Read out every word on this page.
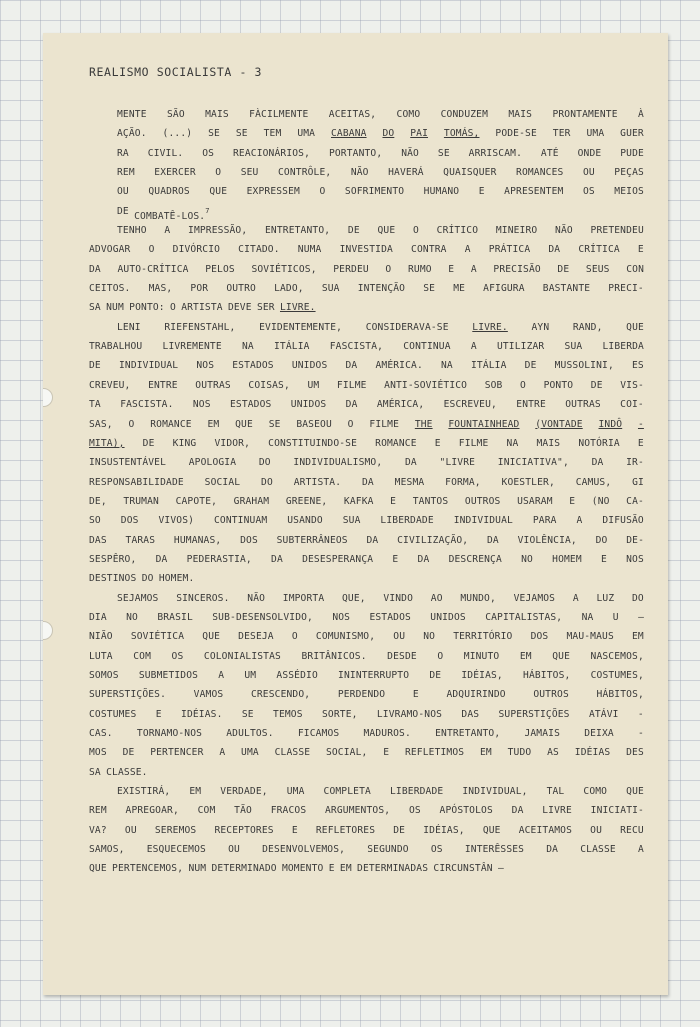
REALISMO SOCIALISTA - 3
MENTE SÃO MAIS FÀCILMENTE ACEITAS, COMO CONDUZEM MAIS PRONTAMENTE À
AÇÃO. (...) SE SE TEM UMA CABANA DO PAI TOMÁS, PODE-SE TER UMA GUER
RA CIVIL. OS REACIONÁRIOS, PORTANTO, NÃO SE ARRISCAM. ATÉ ONDE PUDE
REM EXERCER O SEU CONTRÔLE, NÃO HAVERÁ QUAISQUER ROMANCES OU PEÇAS
OU QUADROS QUE EXPRESSEM O SOFRIMENTO HUMANO E APRESENTEM OS MEIOS
DE COMBATÊ-LOS.$^7$
TENHO A IMPRESSÃO, ENTRETANTO, DE QUE O CRÍTICO MINEIRO NÃO PRETENDEU
ADVOGAR O DIVÓRCIO CITADO. NUMA INVESTIDA CONTRA A PRÁTICA DA CRÍTICA E
DA AUTO-CRÍTICA PELOS SOVIÉTICOS, PERDEU O RUMO E A PRECISÃO DE SEUS CON
CEITOS. MAS, POR OUTRO LADO, SUA INTENÇÃO SE ME AFIGURA BASTANTE PRECI-
SA NUM PONTO: O ARTISTA DEVE SER LIVRE.
LENI RIEFENSTAHL, EVIDENTEMENTE, CONSIDERAVA-SE LIVRE. AYN RAND, QUE
TRABALHOU LIVREMENTE NA ITÁLIA FASCISTA, CONTINUA A UTILIZAR SUA LIBERDA
DE INDIVIDUAL NOS ESTADOS UNIDOS DA AMÉRICA. NA ITÁLIA DE MUSSOLINI, ES
CREVEU, ENTRE OUTRAS COISAS, UM FILME ANTI-SOVIÉTICO SOB O PONTO DE VIS-
TA FASCISTA. NOS ESTADOS UNIDOS DA AMÉRICA, ESCREVEU, ENTRE OUTRAS COI-
SAS, O ROMANCE EM QUE SE BASEOU O FILME THE FOUNTAINHEAD (VONTADE INDÔ -
MITA), DE KING VIDOR, CONSTITUINDO-SE ROMANCE E FILME NA MAIS NOTÓRIA E
INSUSTENTÁVEL APOLOGIA DO INDIVIDUALISMO, DA "LIVRE INICIATIVA", DA IR-
RESPONSABILIDADE SOCIAL DO ARTISTA. DA MESMA FORMA, KOESTLER, CAMUS, GI
DE, TRUMAN CAPOTE, GRAHAM GREENE, KAFKA E TANTOS OUTROS USARAM E (NO CA-
SO DOS VIVOS) CONTINUAM USANDO SUA LIBERDADE INDIVIDUAL PARA A DIFUSÃO
DAS TARAS HUMANAS, DOS SUBTERRÂNEOS DA CIVILIZAÇÃO, DA VIOLÊNCIA, DO DE-
SESPÊRO, DA PEDERASTIA, DA DESESPERANÇA E DA DESCRENÇA NO HOMEM E NOS
DESTINOS DO HOMEM.
SEJAMOS SINCEROS. NÃO IMPORTA QUE, VINDO AO MUNDO, VEJAMOS A LUZ DO
DIA NO BRASIL SUB-DESENSOLVIDO, NOS ESTADOS UNIDOS CAPITALISTAS, NA U —
NIÃO SOVIÉTICA QUE DESEJA O COMUNISMO, OU NO TERRITÓRIO DOS MAU-MAUS EM
LUTA COM OS COLONIALISTAS BRITÂNICOS. DESDE O MINUTO EM QUE NASCEMOS,
SOMOS SUBMETIDOS A UM ASSÉDIO ININTERRUPTO DE IDÉIAS, HÁBITOS, COSTUMES,
SUPERSTIÇÕES.	VAMOS	CRESCENDO,	PERDENDO	E	ADQUIRINDO	OUTROS	HÁBITOS,
COSTUMES E IDÉIAS. SE TEMOS SORTE, LIVRAMO-NOS DAS SUPERSTIÇÕES ATÁVI -
CAS.	TORNAMO-NOS	ADULTOS.	FICAMOS	MADUROS.	ENTRETANTO,	JAMAIS	DEIXA	-
MOS DE PERTENCER A UMA CLASSE SOCIAL, E REFLETIMOS EM TUDO AS IDÉIAS DES
SA CLASSE.
EXISTIRÁ, EM VERDADE, UMA COMPLETA LIBERDADE INDIVIDUAL, TAL COMO QUE
REM APREGOAR, COM TÃO FRACOS ARGUMENTOS, OS APÓSTOLOS DA LIVRE INICIATI-
VA? OU SEREMOS RECEPTORES E REFLETORES DE IDÉIAS, QUE ACEITAMOS OU RECU
SAMOS, ESQUECEMOS OU DESENVOLVEMOS, SEGUNDO OS INTERÊSSES DA CLASSE A
QUE PERTENCEMOS, NUM DETERMINADO MOMENTO E EM DETERMINADAS CIRCUNSTÂN —
